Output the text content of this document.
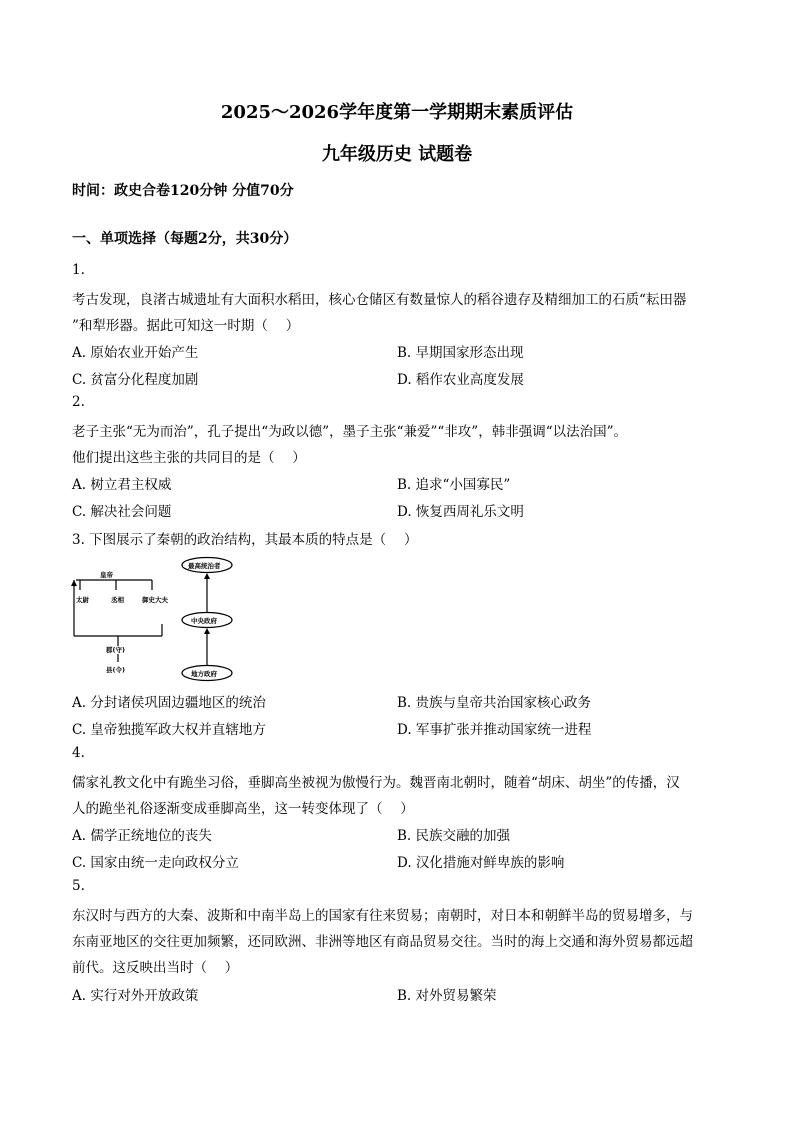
2025～2026学年度第一学期期末素质评估
九年级历史 试题卷
时间：政史合卷120分钟 分值70分
一、单项选择（每题2分，共30分）
1.
考古发现，良渚古城遗址有大面积水稻田，核心仓储区有数量惊人的稻谷遗存及精细加工的石质“耘田器
”和犁形器。据此可知这一时期（　 ）
A. 原始农业开始产生	B. 早期国家形态出现
C. 贫富分化程度加剧	D. 稻作农业高度发展
2.
老子主张“无为而治”，孔子提出“为政以德”，墨子主张“兼爱”“非攻”，韩非强调“以法治国”。
他们提出这些主张的共同目的是（　 ）
A. 树立君主权威	B. 追求“小国寡民”
C. 解决社会问题	D. 恢复西周礼乐文明
3. 下图展示了秦朝的政治结构，其最本质的特点是（　 ）
皇帝
太尉	丞相	御史大夫
郡(守)
县(令)
最高统治者
中央政府
地方政府
A. 分封诸侯巩固边疆地区的统治	B. 贵族与皇帝共治国家核心政务
C. 皇帝独揽军政大权并直辖地方	D. 军事扩张并推动国家统一进程
4.
儒家礼教文化中有跪坐习俗，垂脚高坐被视为傲慢行为。魏晋南北朝时，随着“胡床、胡坐”的传播，汉
人的跪坐礼俗逐渐变成垂脚高坐，这一转变体现了（　 ）
A. 儒学正统地位的丧失	B. 民族交融的加强
C. 国家由统一走向政权分立	D. 汉化措施对鲜卑族的影响
5.
东汉时与西方的大秦、波斯和中南半岛上的国家有往来贸易；南朝时，对日本和朝鲜半岛的贸易增多，与
东南亚地区的交往更加频繁，还同欧洲、非洲等地区有商品贸易交往。当时的海上交通和海外贸易都远超
前代。这反映出当时（　 ）
A. 实行对外开放政策	B. 对外贸易繁荣
